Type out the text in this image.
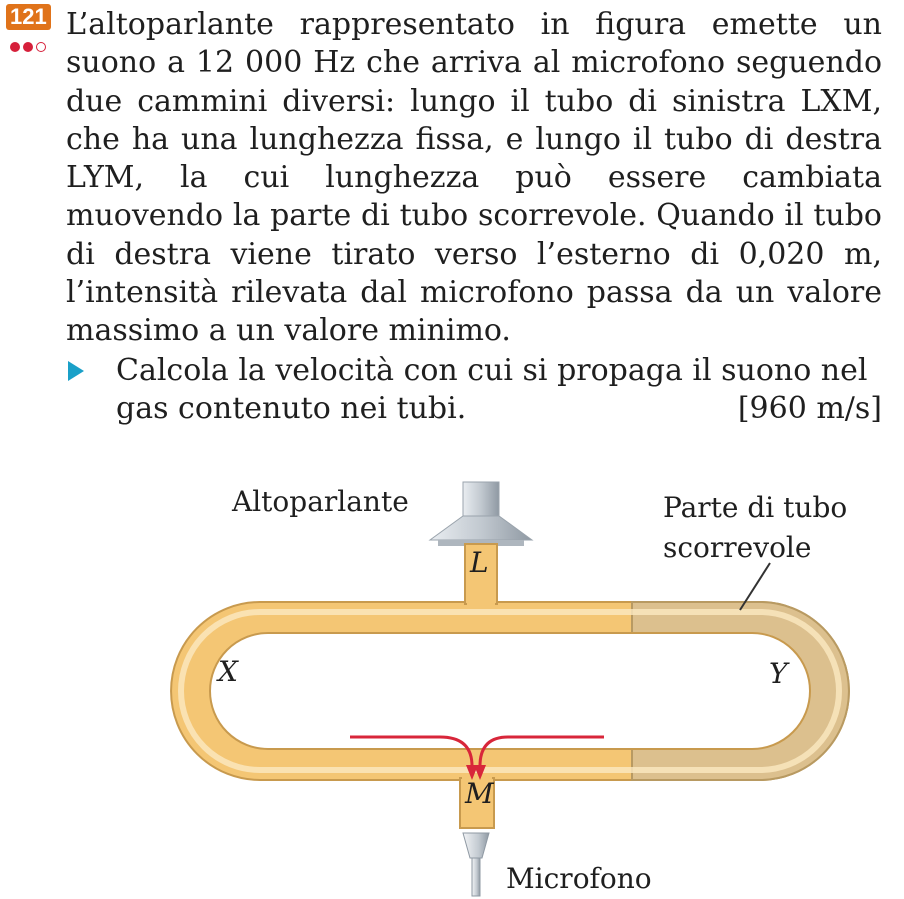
121 L’altoparlante rappresentato in figura emette un suono a 12 000 Hz che arriva al microfono seguendo due cammini diversi: lungo il tubo di sinistra LXM, che ha una lunghezza fissa, e lungo il tubo di destra LYM, la cui lunghezza può essere cambiata muovendo la parte di tubo scorrevole. Quando il tubo di destra viene tirato verso l’esterno di 0,020 m, l’intensità rilevata dal microfono passa da un valore massimo a un valore minimo.

Calcola la velocità con cui si propaga il suono nel gas contenuto nei tubi.	[960 m/s]
Altoparlante	Parte di tubo
scorrevole
L
X	Y
M
Microfono
